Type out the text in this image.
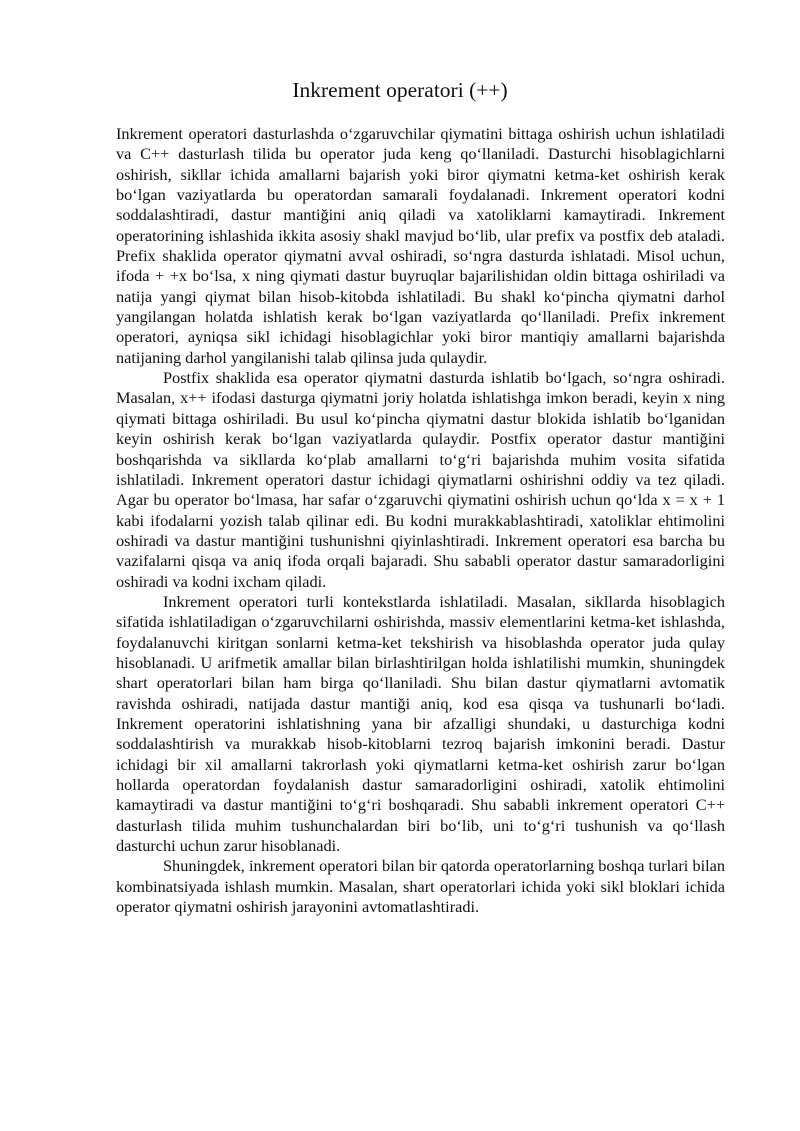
Inkrement operatori (++)

Inkrement operatori dasturlashda o‘zgaruvchilar qiymatini bittaga oshirish uchun ishlatiladi va C++ dasturlash tilida bu operator juda keng qo‘llaniladi. Dasturchi hisoblagichlarni oshirish, sikllar ichida amallarni bajarish yoki biror qiymatni ketma-ket oshirish kerak bo‘lgan vaziyatlarda bu operatordan samarali foydalanadi. Inkrement operatori kodni soddalashtiradi, dastur mantiğini aniq qiladi va xatoliklarni kamaytiradi. Inkrement operatorining ishlashida ikkita asosiy shakl mavjud bo‘lib, ular prefix va postfix deb ataladi. Prefix shaklida operator qiymatni avval oshiradi, so‘ngra dasturda ishlatadi. Misol uchun, ifoda + +x bo‘lsa, x ning qiymati dastur buyruqlar bajarilishidan oldin bittaga oshiriladi va natija yangi qiymat bilan hisob-kitobda ishlatiladi. Bu shakl ko‘pincha qiymatni darhol yangilangan holatda ishlatish kerak bo‘lgan vaziyatlarda qo‘llaniladi. Prefix inkrement operatori, ayniqsa sikl ichidagi hisoblagichlar yoki biror mantiqiy amallarni bajarishda natijaning darhol yangilanishi talab qilinsa juda qulaydir.

Postfix shaklida esa operator qiymatni dasturda ishlatib bo‘lgach, so‘ngra oshiradi. Masalan, x++ ifodasi dasturga qiymatni joriy holatda ishlatishga imkon beradi, keyin x ning qiymati bittaga oshiriladi. Bu usul ko‘pincha qiymatni dastur blokida ishlatib bo‘lganidan keyin oshirish kerak bo‘lgan vaziyatlarda qulaydir. Postfix operator dastur mantiğini boshqarishda va sikllarda ko‘plab amallarni to‘g‘ri bajarishda muhim vosita sifatida ishlatiladi. Inkrement operatori dastur ichidagi qiymatlarni oshirishni oddiy va tez qiladi. Agar bu operator bo‘lmasa, har safar o‘zgaruvchi qiymatini oshirish uchun qo‘lda x = x + 1 kabi ifodalarni yozish talab qilinar edi. Bu kodni murakkablashtiradi, xatoliklar ehtimolini oshiradi va dastur mantiğini tushunishni qiyinlashtiradi. Inkrement operatori esa barcha bu vazifalarni qisqa va aniq ifoda orqali bajaradi. Shu sababli operator dastur samaradorligini oshiradi va kodni ixcham qiladi.

Inkrement operatori turli kontekstlarda ishlatiladi. Masalan, sikllarda hisoblagich sifatida ishlatiladigan o‘zgaruvchilarni oshirishda, massiv elementlarini ketma-ket ishlashda, foydalanuvchi kiritgan sonlarni ketma-ket tekshirish va hisoblashda operator juda qulay hisoblanadi. U arifmetik amallar bilan birlashtirilgan holda ishlatilishi mumkin, shuningdek shart operatorlari bilan ham birga qo‘llaniladi. Shu bilan dastur qiymatlarni avtomatik ravishda oshiradi, natijada dastur mantiği aniq, kod esa qisqa va tushunarli bo‘ladi. Inkrement operatorini ishlatishning yana bir afzalligi shundaki, u dasturchiga kodni soddalashtirish va murakkab hisob-kitoblarni tezroq bajarish imkonini beradi. Dastur ichidagi bir xil amallarni takrorlash yoki qiymatlarni ketma-ket oshirish zarur bo‘lgan hollarda operatordan foydalanish dastur samaradorligini oshiradi, xatolik ehtimolini kamaytiradi va dastur mantiğini to‘g‘ri boshqaradi. Shu sababli inkrement operatori C++ dasturlash tilida muhim tushunchalardan biri bo‘lib, uni to‘g‘ri tushunish va qo‘llash dasturchi uchun zarur hisoblanadi.

Shuningdek, inkrement operatori bilan bir qatorda operatorlarning boshqa turlari bilan kombinatsiyada ishlash mumkin. Masalan, shart operatorlari ichida yoki sikl bloklari ichida operator qiymatni oshirish jarayonini avtomatlashtiradi.
